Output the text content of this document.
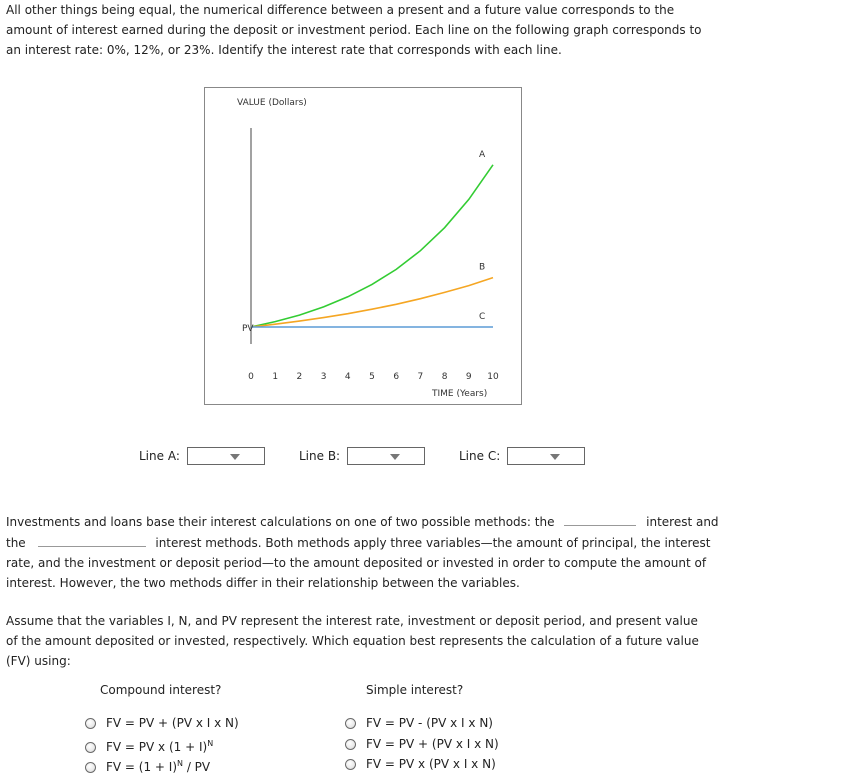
All other things being equal, the numerical difference between a present and a future value corresponds to the
amount of interest earned during the deposit or investment period. Each line on the following graph corresponds to
an interest rate: 0%, 12%, or 23%. Identify the interest rate that corresponds with each line.
VALUE (Dollars)
TIME (Years)
0 1 2 3 4 5 6 7 8 9 10
A
B
C
PV
Line A:	Line B:	Line C:
Investments and loans base their interest calculations on one of two possible methods: the	interest and
the	interest methods. Both methods apply three variables—the amount of principal, the interest
rate, and the investment or deposit period—to the amount deposited or invested in order to compute the amount of
interest. However, the two methods differ in their relationship between the variables.
Assume that the variables I, N, and PV represent the interest rate, investment or deposit period, and present value
of the amount deposited or invested, respectively. Which equation best represents the calculation of a future value
(FV) using:
Compound interest?	Simple interest?
FV = PV + (PV x I x N)
FV = PV x $(1 + I)^N$
FV = $(1 + I)^N$ / PV
FV = PV - (PV x I x N)
FV = PV + (PV x I x N)
FV = PV x (PV x I x N)
